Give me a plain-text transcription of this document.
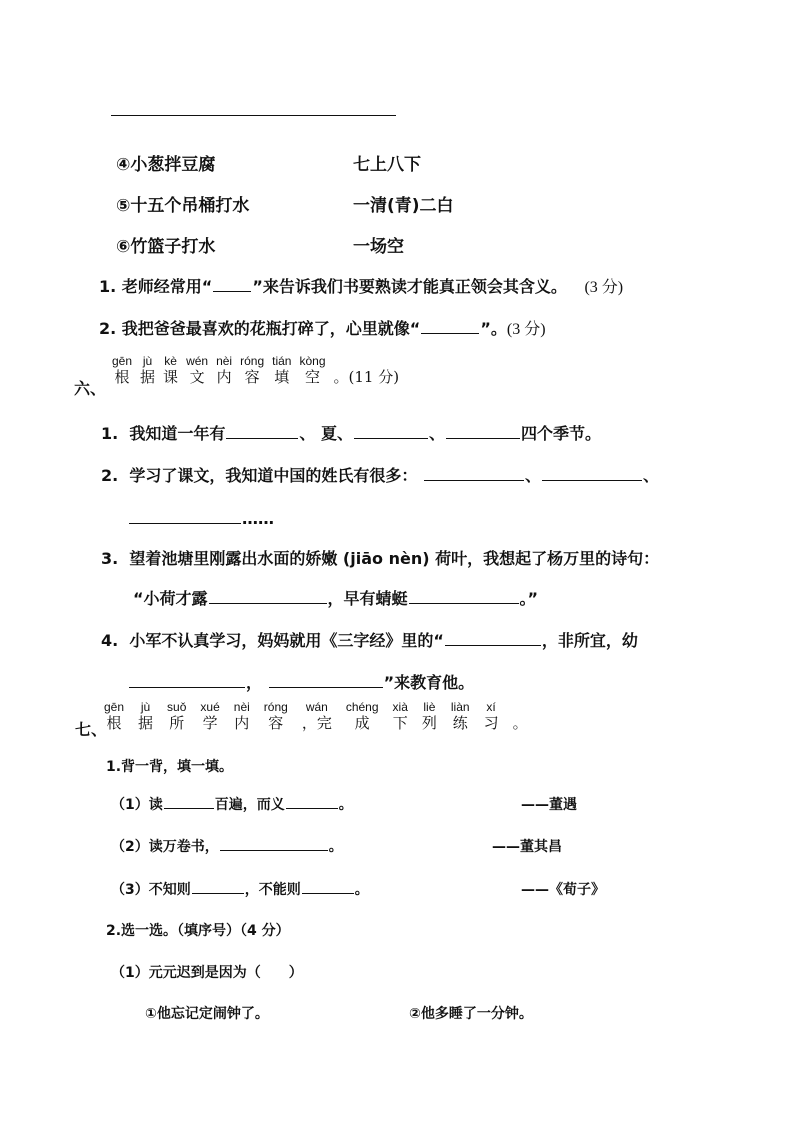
④小葱拌豆腐	七上八下
⑤十五个吊桶打水	一清(青)二白
⑥竹篮子打水	一场空
1. 老师经常用“	”来告诉我们书要熟读才能真正领会其含义。 (3 分)
2. 我把爸爸最喜欢的花瓶打碎了，心里就像“	”。(3 分)
六、
gēn
根
jù
据
kè
课
wén
文
nèi
内
róng
容
tián
填
kòng
空
。(11 分)
1. 我知道一年有	、 夏、	、	四个季节。
2. 学习了课文，我知道中国的姓氏有很多：	、	、
……
3. 望着池塘里刚露出水面的娇嫩 (jiāo nèn) 荷叶，我想起了杨万里的诗句：
“小荷才露	，早有蜻蜓	。”
4. 小军不认真学习，妈妈就用《三字经》里的“	，非所宜，幼
，	”来教育他。
七、
gēn
根
jù
据
suǒ
所
xué
学
nèi
内
róng
容
wán
，完
chéng
成
xià
下
liè
列
liàn
练
xí
习
。
1.背一背，填一填。
（1）读	百遍，而义	。	——董遇
（2）读万卷书，	。	——董其昌
（3）不知则	，不能则	。	——《荀子》
2.选一选。（填序号）（4 分）
（1）元元迟到是因为（　　）
①他忘记定闹钟了。	②他多睡了一分钟。
